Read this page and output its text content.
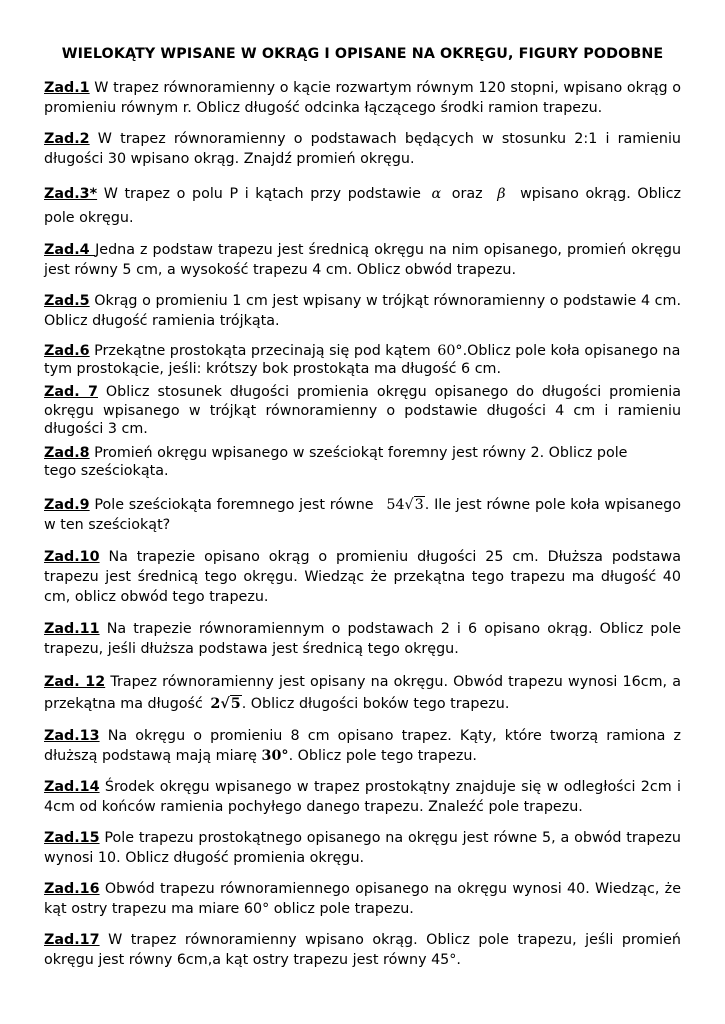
WIELOKĄTY WPISANE W OKRĄG I OPISANE NA OKRĘGU, FIGURY PODOBNE

Zad.1 W trapez równoramienny o kącie rozwartym równym 120 stopni, wpisano okrąg o promieniu równym r. Oblicz długość odcinka łączącego środki ramion trapezu.

Zad.2 W trapez równoramienny o podstawach będących w stosunku 2:1 i ramieniu długości 30 wpisano okrąg. Znajdź promień okręgu.

Zad.3* W trapez o polu P i kątach przy podstawie α oraz β wpisano okrąg. Oblicz pole okręgu.

Zad.4 Jedna z podstaw trapezu jest średnicą okręgu na nim opisanego, promień okręgu jest równy 5 cm, a wysokość trapezu 4 cm. Oblicz obwód trapezu.

Zad.5 Okrąg o promieniu 1 cm jest wpisany w trójkąt równoramienny o podstawie 4 cm. Oblicz długość ramienia trójkąta.

Zad.6 Przekątne prostokąta przecinają się pod kątem 60°.Oblicz pole koła opisanego na tym prostokącie, jeśli: krótszy bok prostokąta ma długość 6 cm.

Zad. 7 Oblicz stosunek długości promienia okręgu opisanego do długości promienia okręgu wpisanego w trójkąt równoramienny o podstawie długości 4 cm i ramieniu długości 3 cm.

Zad.8 Promień okręgu wpisanego w sześciokąt foremny jest równy 2. Oblicz pole tego sześciokąta.

Zad.9 Pole sześciokąta foremnego jest równe 54√3. Ile jest równe pole koła wpisanego w ten sześciokąt?

Zad.10 Na trapezie opisano okrąg o promieniu długości 25 cm. Dłuższa podstawa trapezu jest średnicą tego okręgu. Wiedząc że przekątna tego trapezu ma długość 40 cm, oblicz obwód tego trapezu.

Zad.11 Na trapezie równoramiennym o podstawach 2 i 6 opisano okrąg. Oblicz pole trapezu, jeśli dłuższa podstawa jest średnicą tego okręgu.

Zad. 12 Trapez równoramienny jest opisany na okręgu. Obwód trapezu wynosi 16cm, a przekątna ma długość 2√5. Oblicz długości boków tego trapezu.

Zad.13 Na okręgu o promieniu 8 cm opisano trapez. Kąty, które tworzą ramiona z dłuższą podstawą mają miarę 30°. Oblicz pole tego trapezu.

Zad.14 Środek okręgu wpisanego w trapez prostokątny znajduje się w odległości 2cm i 4cm od końców ramienia pochyłego danego trapezu. Znaleźć pole trapezu.

Zad.15 Pole trapezu prostokątnego opisanego na okręgu jest równe 5, a obwód trapezu wynosi 10. Oblicz długość promienia okręgu.

Zad.16 Obwód trapezu równoramiennego opisanego na okręgu wynosi 40. Wiedząc, że kąt ostry trapezu ma miare 60° oblicz pole trapezu.

Zad.17 W trapez równoramienny wpisano okrąg. Oblicz pole trapezu, jeśli promień okręgu jest równy 6cm,a kąt ostry trapezu jest równy 45°.
